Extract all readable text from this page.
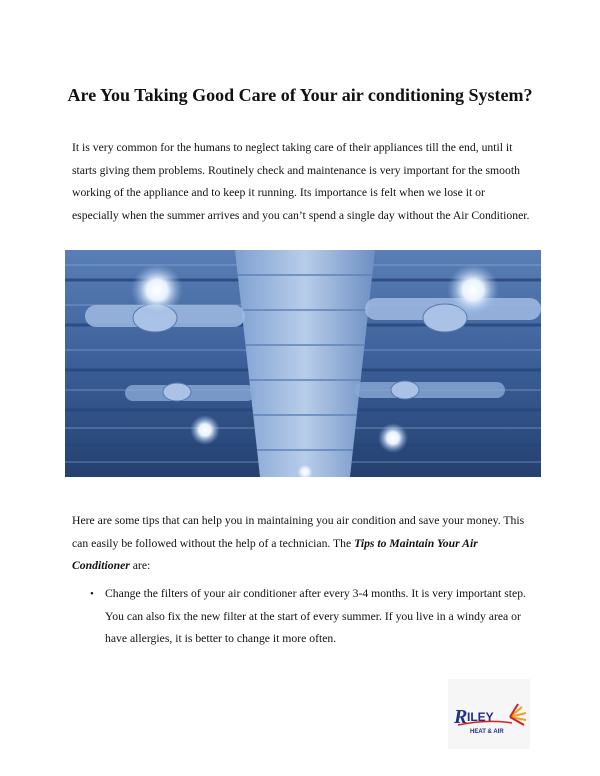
Are You Taking Good Care of Your air conditioning System?

It is very common for the humans to neglect taking care of their appliances till the end, until it starts giving them problems. Routinely check and maintenance is very important for the smooth working of the appliance and to keep it running. Its importance is felt when we lose it or especially when the summer arrives and you can’t spend a single day without the Air Conditioner.

Here are some tips that can help you in maintaining you air condition and save your money. This can easily be followed without the help of a technician. The Tips to Maintain Your Air Conditioner are:

• Change the filters of your air conditioner after every 3-4 months. It is very important step. You can also fix the new filter at the start of every summer. If you live in a windy area or have allergies, it is better to change it more often.
R ILEY
HEAT & AIR
